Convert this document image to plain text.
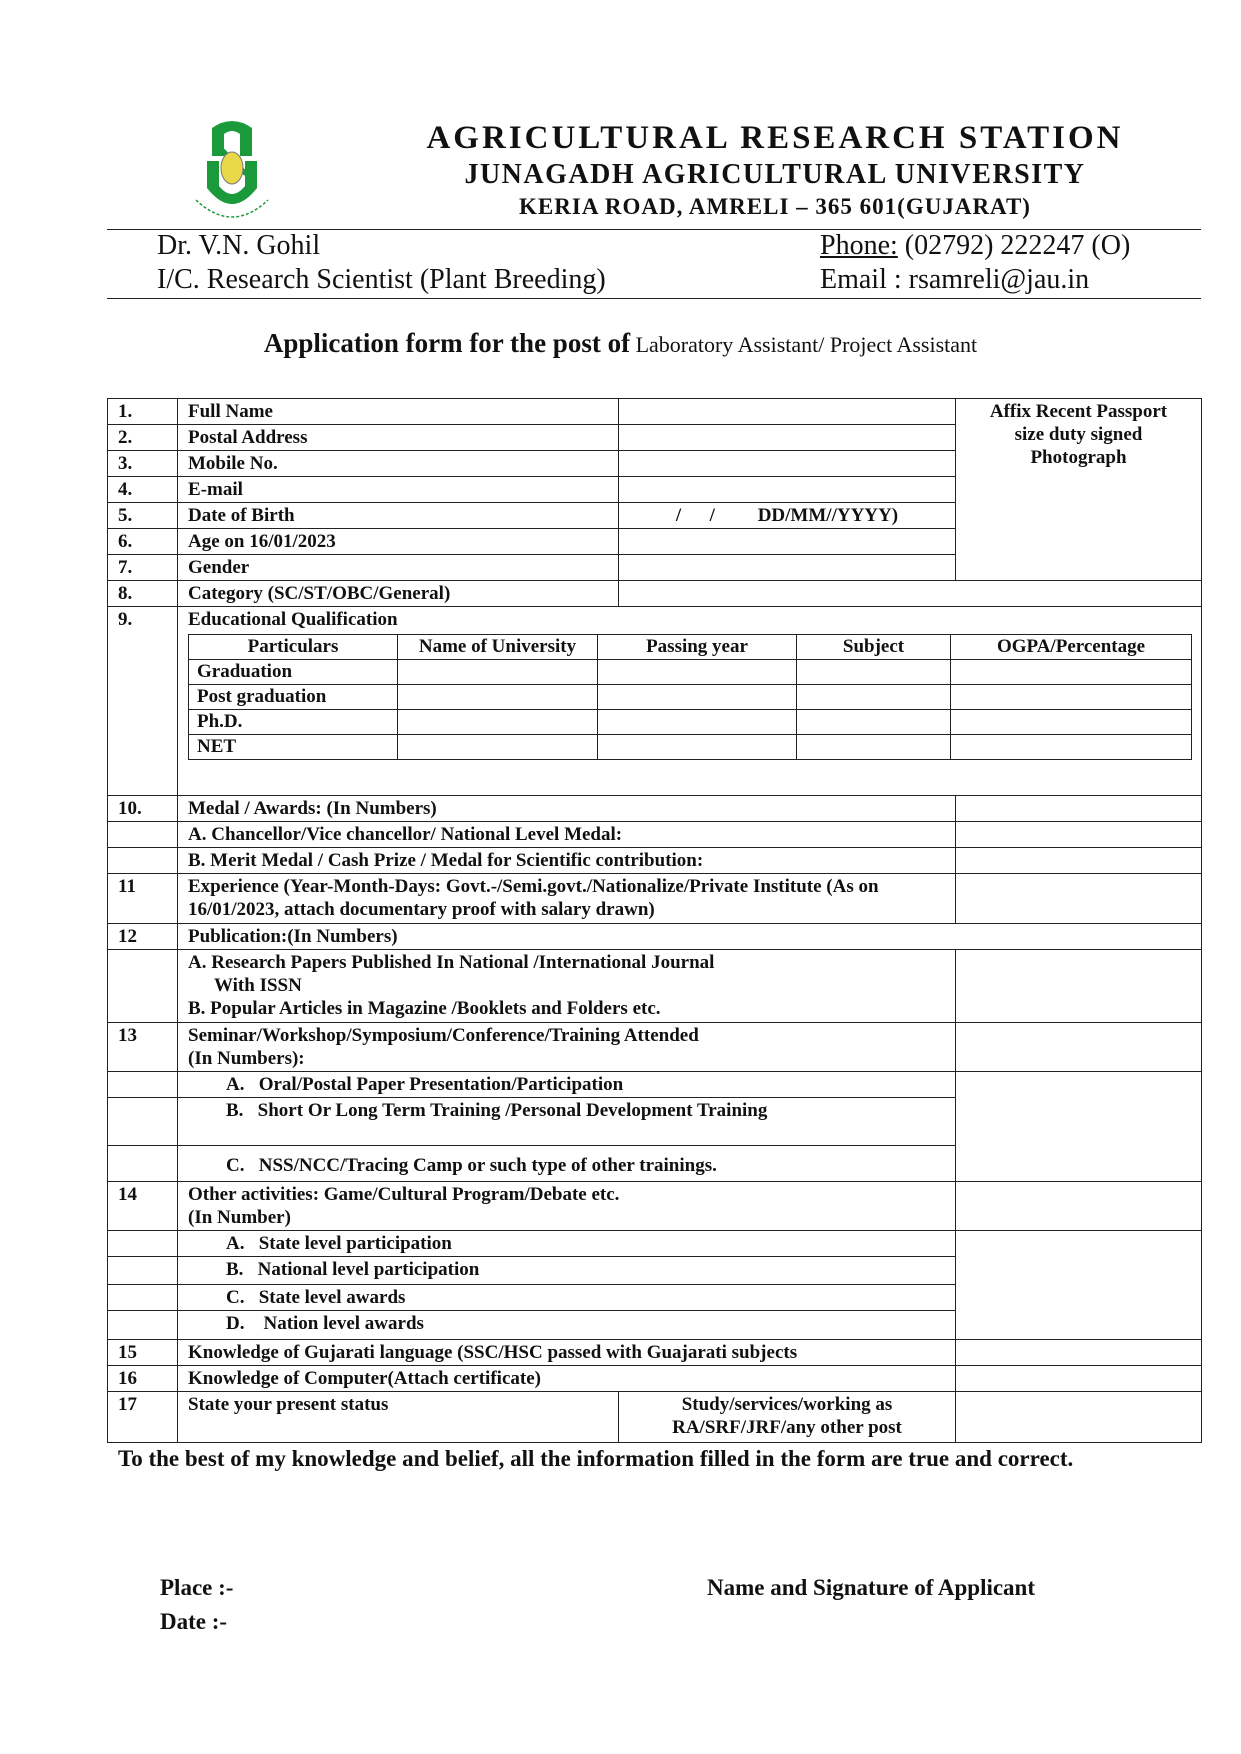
AGRICULTURAL RESEARCH STATION
JUNAGADH AGRICULTURAL UNIVERSITY
KERIA ROAD, AMRELI – 365 601(GUJARAT)
Dr. V.N. Gohil
I/C. Research Scientist (Plant Breeding)
Phone: (02792) 222247 (O)
Email : rsamreli@jau.in
Application form for the post of Laboratory Assistant/ Project Assistant
1.	Full Name		Affix Recent Passport size duty signed Photograph
2.	Postal Address	
3.	Mobile No.	
4.	E-mail	
5.	Date of Birth	/      /         DD/MM//YYYY)
6.	Age on 16/01/2023	
7.	Gender	
8.	Category (SC/ST/OBC/General)	
9.	Educational Qualification
Particulars	Name of University	Passing year	Subject	OGPA/Percentage
Graduation				
Post graduation				
Ph.D.				
NET				

10.	Medal / Awards: (In Numbers)	
	A. Chancellor/Vice chancellor/ National Level Medal:	
	B. Merit Medal / Cash Prize / Medal for Scientific contribution:	
11	Experience (Year-Month-Days: Govt.-/Semi.govt./Nationalize/Private Institute (As on 16/01/2023, attach documentary proof with salary drawn)	
12	Publication:(In Numbers)

A. Research Papers Published In National /International Journal
With ISSN
B. Popular Articles in Magazine /Booklets and Folders etc.

13	Seminar/Workshop/Symposium/Conference/Training Attended
(In Numbers):

	A.   Oral/Postal Paper Presentation/Participation	
	B.   Short Or Long Term Training /Personal Development Training
	C.   NSS/NCC/Tracing Camp or such type of other trainings.
14	Other activities: Game/Cultural Program/Debate etc.
(In Number)

	A.   State level participation	
	B.   National level participation
	C.   State level awards
	D.    Nation level awards
15	Knowledge of Gujarati language (SSC/HSC passed with Guajarati subjects	
16	Knowledge of Computer(Attach certificate)	
17	State your present status	Study/services/working as RA/SRF/JRF/any other post	
To the best of my knowledge and belief, all the information filled in the form are true and correct.
Place :-
Date :-
Name and Signature of Applicant
